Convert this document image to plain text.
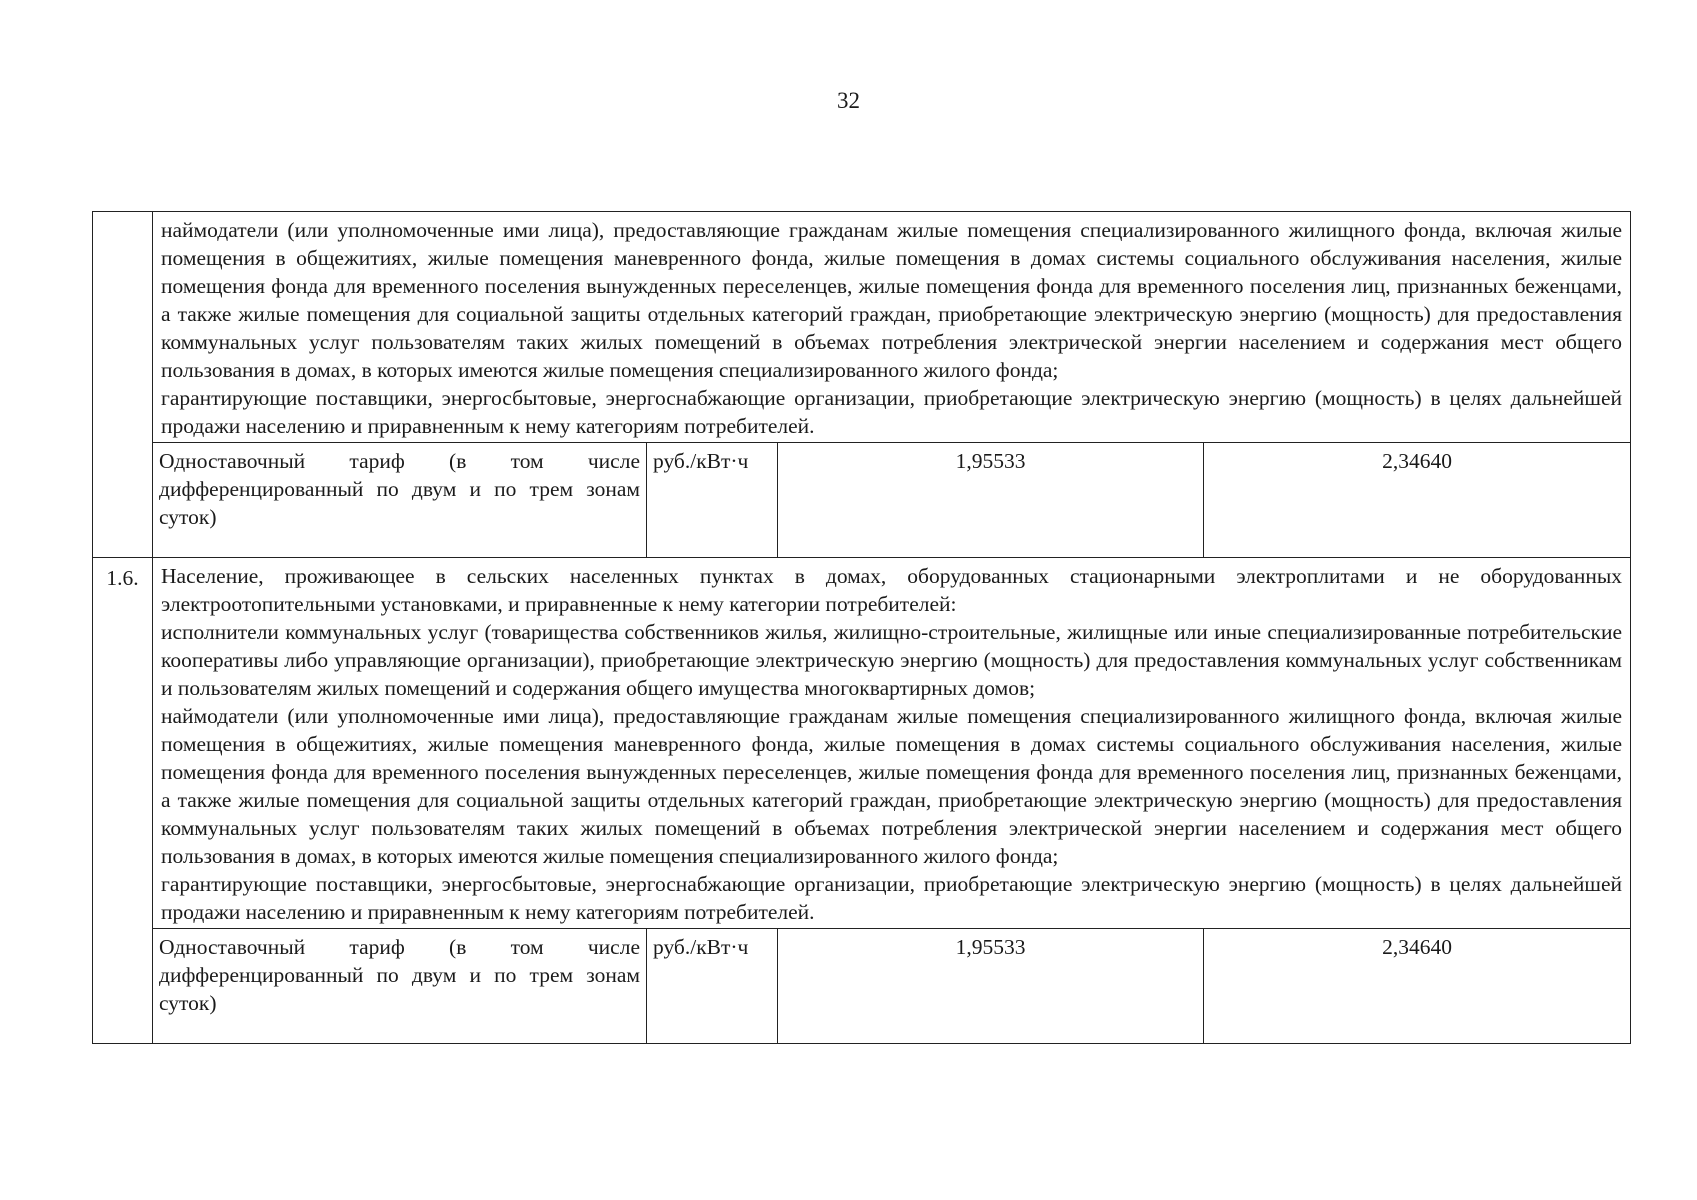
32

	наймодатели (или уполномоченные ими лица), предоставляющие гражданам жилые помещения специализированного жилищного фонда, включая жилые помещения в общежитиях, жилые помещения маневренного фонда, жилые помещения в домах системы социального обслуживания населения, жилые помещения фонда для временного поселения вынужденных переселенцев, жилые помещения фонда для временного поселения лиц, признанных беженцами, а также жилые помещения для социальной защиты отдельных категорий граждан, приобретающие электрическую энергию (мощность) для предоставления коммунальных услуг пользователям таких жилых помещений в объемах потребления электрической энергии населением и содержания мест общего пользования в домах, в которых имеются жилые помещения специализированного жилого фонда;

гарантирующие поставщики, энергосбытовые, энергоснабжающие организации, приобретающие электрическую энергию (мощность) в целях дальнейшей продажи населению и приравненным к нему категориям потребителей.			

	Одноставочный тариф (в том числе дифференцированный по двум и по трем зонам суток)	руб./кВт·ч	1,95533	2,34640
1.6.	Население, проживающее в сельских населенных пунктах в домах, оборудованных стационарными электроплитами и не оборудованных электроотопительными установками, и приравненные к нему категории потребителей:

исполнители коммунальных услуг (товарищества собственников жилья, жилищно-строительные, жилищные или иные специализированные потребительские кооперативы либо управляющие организации), приобретающие электрическую энергию (мощность) для предоставления коммунальных услуг собственникам и пользователям жилых помещений и содержания общего имущества многоквартирных домов;

наймодатели (или уполномоченные ими лица), предоставляющие гражданам жилые помещения специализированного жилищного фонда, включая жилые помещения в общежитиях, жилые помещения маневренного фонда, жилые помещения в домах системы социального обслуживания населения, жилые помещения фонда для временного поселения вынужденных переселенцев, жилые помещения фонда для временного поселения лиц, признанных беженцами, а также жилые помещения для социальной защиты отдельных категорий граждан, приобретающие электрическую энергию (мощность) для предоставления коммунальных услуг пользователям таких жилых помещений в объемах потребления электрической энергии населением и содержания мест общего пользования в домах, в которых имеются жилые помещения специализированного жилого фонда;

гарантирующие поставщики, энергосбытовые, энергоснабжающие организации, приобретающие электрическую энергию (мощность) в целях дальнейшей продажи населению и приравненным к нему категориям потребителей.			

	Одноставочный тариф (в том числе дифференцированный по двум и по трем зонам суток)	руб./кВт·ч	1,95533	2,34640
